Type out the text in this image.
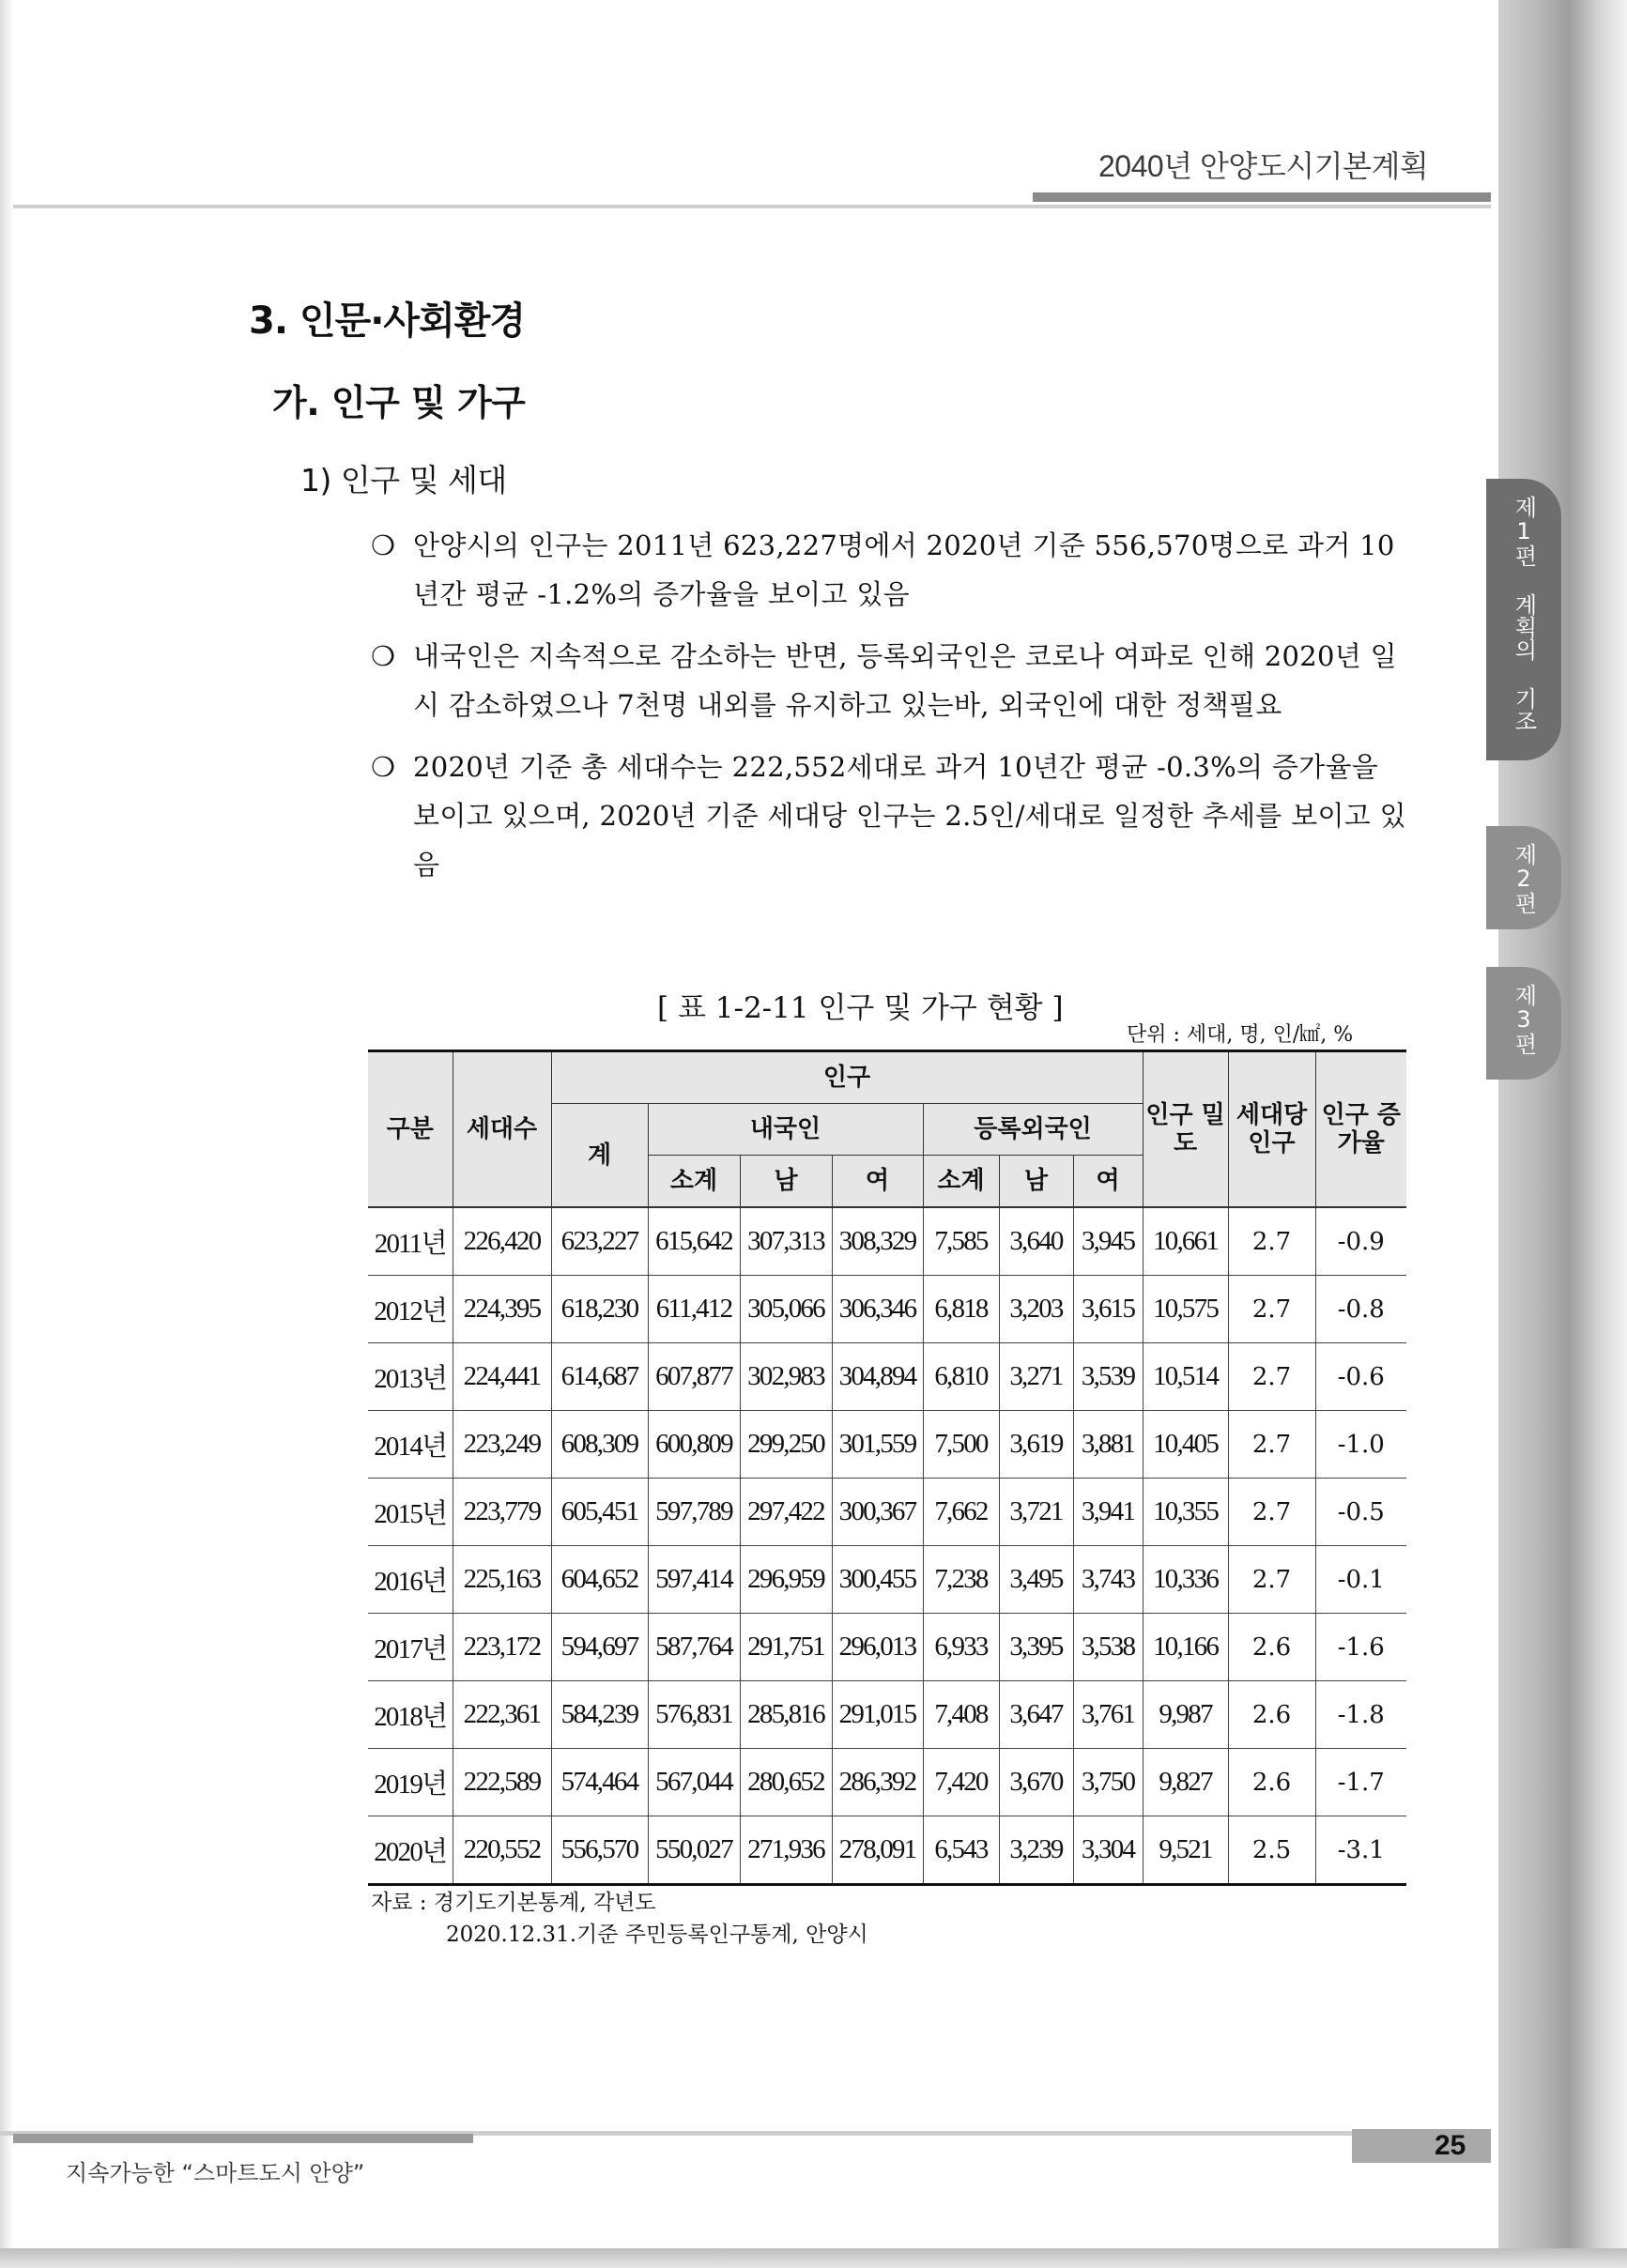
2040년 안양도시기본계획
제1편 계획의 기조
제2편
제3편
3. 인문·사회환경
가. 인구 및 가구
1) 인구 및 세대
❍ 안양시의 인구는 2011년 623,227명에서 2020년 기준 556,570명으로 과거 10년간 평균 -1.2%의 증가율을 보이고 있음
❍ 내국인은 지속적으로 감소하는 반면, 등록외국인은 코로나 여파로 인해 2020년 일시 감소하였으나 7천명 내외를 유지하고 있는바, 외국인에 대한 정책필요
❍ 2020년 기준 총 세대수는 222,552세대로 과거 10년간 평균 -0.3%의 증가율을 보이고 있으며, 2020년 기준 세대당 인구는 2.5인/세대로 일정한 추세를 보이고 있음
[ 표 1-2-11 인구 및 가구 현황 ]
단위 : 세대, 명, 인/㎢, %
구분	세대수	인구							인구 밀도	세대당 인구	인구 증가율
		계	내국인			등록외국인					
			소계	남	여	소계	남	여			
2011년	226,420	623,227	615,642	307,313	308,329	7,585	3,640	3,945	10,661	2.7	-0.9
2012년	224,395	618,230	611,412	305,066	306,346	6,818	3,203	3,615	10,575	2.7	-0.8
2013년	224,441	614,687	607,877	302,983	304,894	6,810	3,271	3,539	10,514	2.7	-0.6
2014년	223,249	608,309	600,809	299,250	301,559	7,500	3,619	3,881	10,405	2.7	-1.0
2015년	223,779	605,451	597,789	297,422	300,367	7,662	3,721	3,941	10,355	2.7	-0.5
2016년	225,163	604,652	597,414	296,959	300,455	7,238	3,495	3,743	10,336	2.7	-0.1
2017년	223,172	594,697	587,764	291,751	296,013	6,933	3,395	3,538	10,166	2.6	-1.6
2018년	222,361	584,239	576,831	285,816	291,015	7,408	3,647	3,761	9,987	2.6	-1.8
2019년	222,589	574,464	567,044	280,652	286,392	7,420	3,670	3,750	9,827	2.6	-1.7
2020년	220,552	556,570	550,027	271,936	278,091	6,543	3,239	3,304	9,521	2.5	-3.1
자료 : 경기도기본통계, 각년도
2020.12.31.기준 주민등록인구통계, 안양시
25
지속가능한 “스마트도시 안양”
